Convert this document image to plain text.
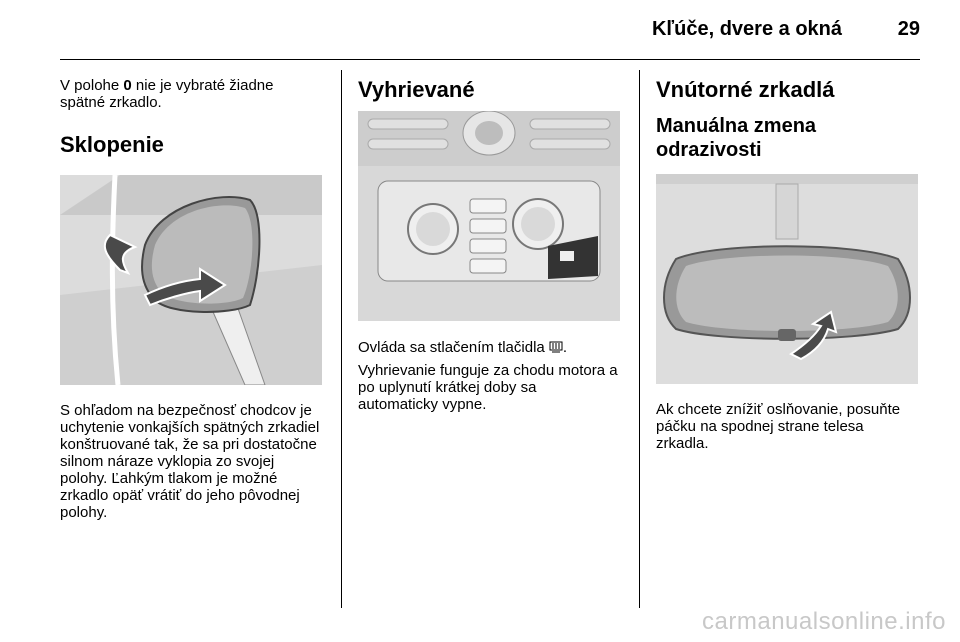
Kľúče, dvere a okná	29

V polohe 0 nie je vybraté žiadne spätné zrkadlo.

Sklopenie

S ohľadom na bezpečnosť chodcov je uchytenie vonkajších spätných zrkadiel konštruované tak, že sa pri dostatočne silnom náraze vyklopia zo svojej polohy. Ľahkým tlakom je možné zrkadlo opäť vrátiť do jeho pôvodnej polohy.

Vyhrievané

Ovláda sa stlačením tlačidla .

Vyhrievanie funguje za chodu motora a po uplynutí krátkej doby sa automaticky vypne.

Vnútorné zrkadlá
Manuálna zmena odrazivosti

Ak chcete znížiť oslňovanie, posuňte páčku na spodnej strane telesa zrkadla.

carmanualsonline.info
